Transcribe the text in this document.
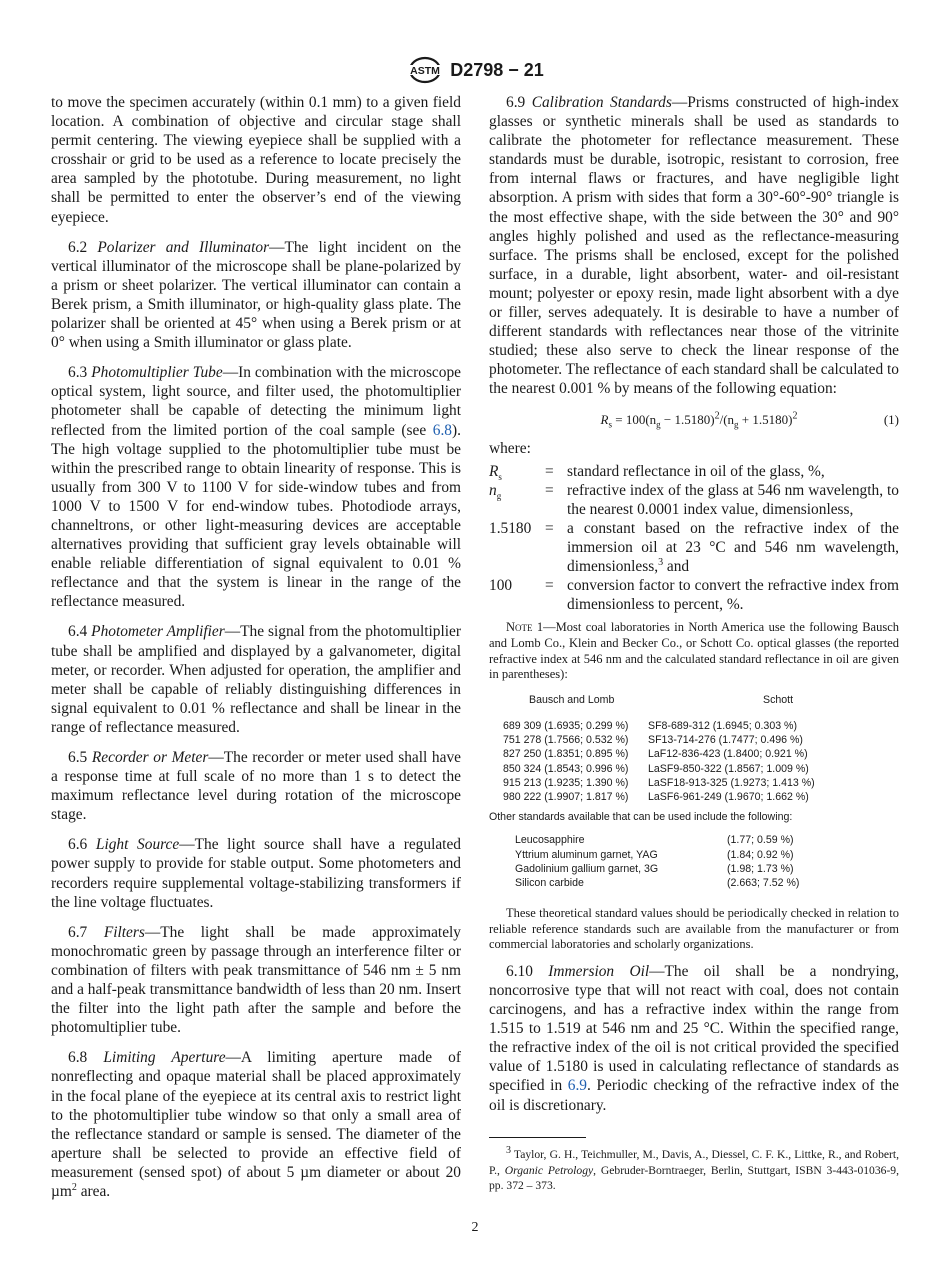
ASTM D2798 − 21

to move the specimen accurately (within 0.1 mm) to a given field location. A combination of objective and circular stage shall permit centering. The viewing eyepiece shall be supplied with a crosshair or grid to be used as a reference to locate precisely the area sampled by the phototube. During measurement, no light shall be permitted to enter the observer’s end of the viewing eyepiece.

6.2 Polarizer and Illuminator—The light incident on the vertical illuminator of the microscope shall be plane-polarized by a prism or sheet polarizer. The vertical illuminator can contain a Berek prism, a Smith illuminator, or high-quality glass plate. The polarizer shall be oriented at 45° when using a Berek prism or at 0° when using a Smith illuminator or glass plate.

6.3 Photomultiplier Tube—In combination with the microscope optical system, light source, and filter used, the photomultiplier photometer shall be capable of detecting the minimum light reflected from the limited portion of the coal sample (see 6.8). The high voltage supplied to the photomultiplier tube must be within the prescribed range to obtain linearity of response. This is usually from 300 V to 1100 V for side-window tubes and from 1000 V to 1500 V for end-window tubes. Photodiode arrays, channeltrons, or other light-measuring devices are acceptable alternatives providing that sufficient gray levels obtainable will enable reliable differentiation of signal equivalent to 0.01 % reflectance and that the system is linear in the range of the reflectance measured.

6.4 Photometer Amplifier—The signal from the photomultiplier tube shall be amplified and displayed by a galvanometer, digital meter, or recorder. When adjusted for operation, the amplifier and meter shall be capable of reliably distinguishing differences in signal equivalent to 0.01 % reflectance and shall be linear in the range of reflectance measured.

6.5 Recorder or Meter—The recorder or meter used shall have a response time at full scale of no more than 1 s to detect the maximum reflectance level during rotation of the microscope stage.

6.6 Light Source—The light source shall have a regulated power supply to provide for stable output. Some photometers and recorders require supplemental voltage-stabilizing transformers if the line voltage fluctuates.

6.7 Filters—The light shall be made approximately monochromatic green by passage through an interference filter or combination of filters with peak transmittance of 546 nm ± 5 nm and a half-peak transmittance bandwidth of less than 20 nm. Insert the filter into the light path after the sample and before the photomultiplier tube.

6.8 Limiting Aperture—A limiting aperture made of nonreflecting and opaque material shall be placed approximately in the focal plane of the eyepiece at its central axis to restrict light to the photomultiplier tube window so that only a small area of the reflectance standard or sample is sensed. The diameter of the aperture shall be selected to provide an effective field of measurement (sensed spot) of about 5 µm diameter or about 20 µm$^2$ area.

6.9 Calibration Standards—Prisms constructed of high-index glasses or synthetic minerals shall be used as standards to calibrate the photometer for reflectance measurement. These standards must be durable, isotropic, resistant to corrosion, free from internal flaws or fractures, and have negligible light absorption. A prism with sides that form a 30°-60°-90° triangle is the most effective shape, with the side between the 30° and 90° angles highly polished and used as the reflectance-measuring surface. The prisms shall be enclosed, except for the polished surface, in a durable, light absorbent, water- and oil-resistant mount; polyester or epoxy resin, made light absorbent with a dye or filler, serves adequately. It is desirable to have a number of different standards with reflectances near those of the vitrinite studied; these also serve to check the linear response of the photometer. The reflectance of each standard shall be calculated to the nearest 0.001 % by means of the following equation:

$R_s = 100(n_g - 1.5180)^2/(n_g + 1.5180)^2$	(1)
where:
$R_s$	= standard reflectance in oil of the glass, %,
$n_g$	= refractive index of the glass at 546 nm wavelength, to the nearest 0.0001 index value, dimensionless,
1.5180 = a constant based on the refractive index of the immersion oil at 23 °C and 546 nm wavelength, dimensionless,$^3$ and
100	= conversion factor to convert the refractive index from dimensionless to percent, %.
Note 1—Most coal laboratories in North America use the following Bausch and Lomb Co., Klein and Becker Co., or Schott Co. optical glasses (the reported refractive index at 546 nm and the calculated standard reflectance in oil are given in parentheses):
Bausch and Lomb	Schott
689 309 (1.6935; 0.299 %)	SF8-689-312 (1.6945; 0.303 %)
751 278 (1.7566; 0.532 %)	SF13-714-276 (1.7477; 0.496 %)
827 250 (1.8351; 0.895 %)	LaF12-836-423 (1.8400; 0.921 %)
850 324 (1.8543; 0.996 %)	LaSF9-850-322 (1.8567; 1.009 %)
915 213 (1.9235; 1.390 %)	LaSF18-913-325 (1.9273; 1.413 %)
980 222 (1.9907; 1.817 %)	LaSF6-961-249 (1.9670; 1.662 %)
Other standards available that can be used include the following:
Leucosapphire	(1.77; 0.59 %)
Yttrium aluminum garnet, YAG	(1.84; 0.92 %)
Gadolinium gallium garnet, 3G	(1.98; 1.73 %)
Silicon carbide	(2.663; 7.52 %)
These theoretical standard values should be periodically checked in relation to reliable reference standards such are available from the manufacturer or from commercial laboratories and scholarly organizations.

6.10 Immersion Oil—The oil shall be a nondrying, noncorrosive type that will not react with coal, does not contain carcinogens, and has a refractive index within the range from 1.515 to 1.519 at 546 nm and 25 °C. Within the specified range, the refractive index of the oil is not critical provided the specified value of 1.5180 is used in calculating reflectance of standards as specified in 6.9. Periodic checking of the refractive index of the oil is discretionary.

$^3$ Taylor, G. H., Teichmuller, M., Davis, A., Diessel, C. F. K., Littke, R., and Robert, P., Organic Petrology, Gebruder-Borntraeger, Berlin, Stuttgart, ISBN 3-443-01036-9, pp. 372 – 373.
2
